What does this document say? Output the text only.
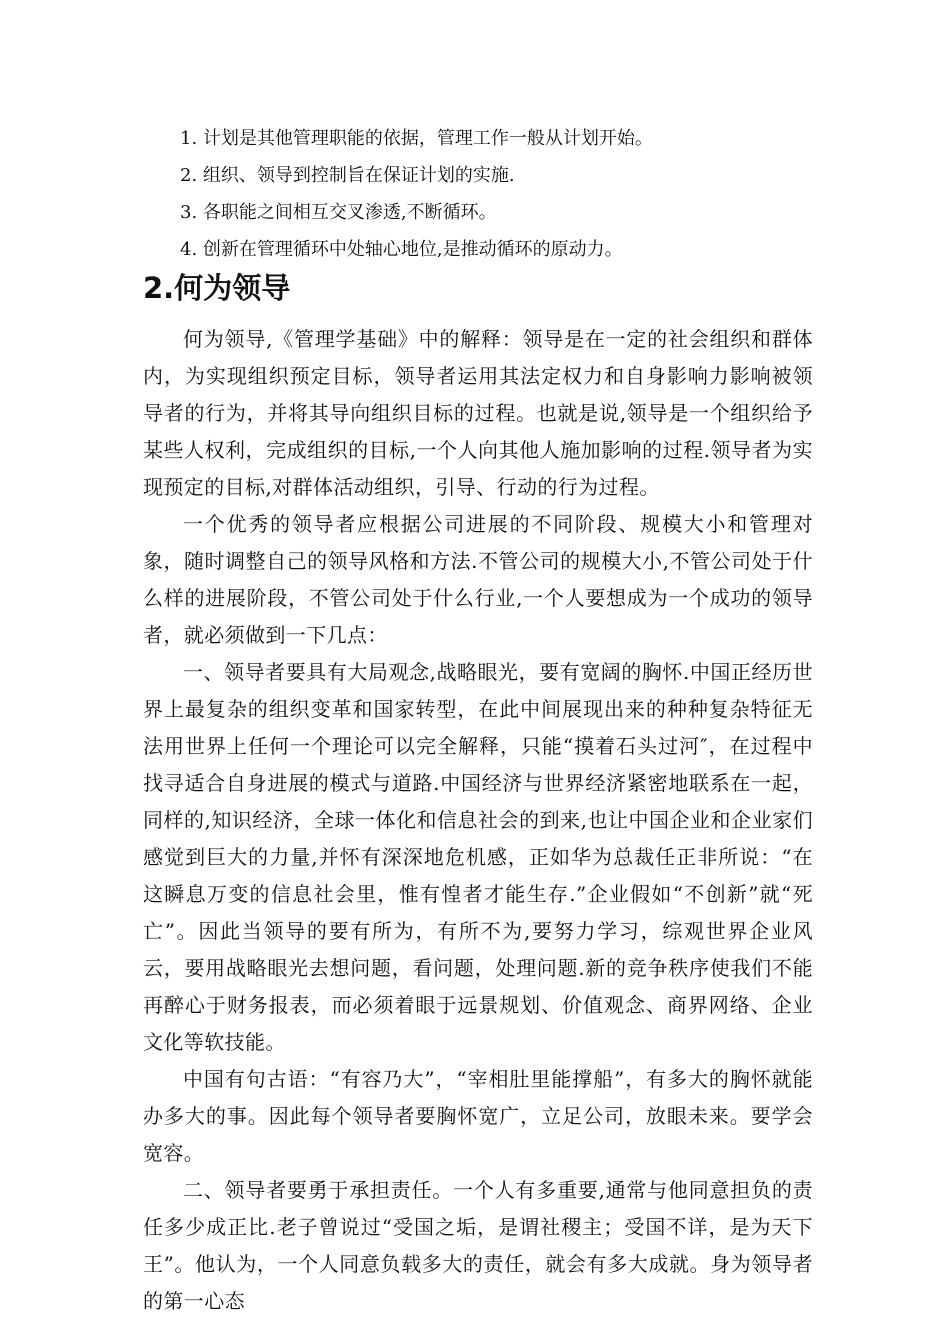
1. 计划是其他管理职能的依据，管理工作一般从计划开始。
2. 组织、领导到控制旨在保证计划的实施.
3. 各职能之间相互交叉渗透,不断循环。
4. 创新在管理循环中处轴心地位,是推动循环的原动力。
2.何为领导

何为领导,《管理学基础》中的解释：领导是在一定的社会组织和群体内，为实现组织预定目标，领导者运用其法定权力和自身影响力影响被领导者的行为，并将其导向组织目标的过程。也就是说,领导是一个组织给予某些人权利，完成组织的目标,一个人向其他人施加影响的过程.领导者为实现预定的目标,对群体活动组织，引导、行动的行为过程。

一个优秀的领导者应根据公司进展的不同阶段、规模大小和管理对象，随时调整自己的领导风格和方法.不管公司的规模大小,不管公司处于什么样的进展阶段，不管公司处于什么行业,一个人要想成为一个成功的领导者，就必须做到一下几点：

一、领导者要具有大局观念,战略眼光，要有宽阔的胸怀.中国正经历世界上最复杂的组织变革和国家转型，在此中间展现出来的种种复杂特征无法用世界上任何一个理论可以完全解释，只能“摸着石头过河″，在过程中找寻适合自身进展的模式与道路.中国经济与世界经济紧密地联系在一起，同样的,知识经济，全球一体化和信息社会的到来,也让中国企业和企业家们感觉到巨大的力量,并怀有深深地危机感，正如华为总裁任正非所说：“在这瞬息万变的信息社会里，惟有惶者才能生存.”企业假如“不创新”就“死亡”。因此当领导的要有所为，有所不为,要努力学习，综观世界企业风云，要用战略眼光去想问题，看问题，处理问题.新的竞争秩序使我们不能再醉心于财务报表，而必须着眼于远景规划、价值观念、商界网络、企业文化等软技能。

中国有句古语：“有容乃大”，“宰相肚里能撑船”，有多大的胸怀就能办多大的事。因此每个领导者要胸怀宽广，立足公司，放眼未来。要学会宽容。

二、领导者要勇于承担责任。一个人有多重要,通常与他同意担负的责任多少成正比.老子曾说过“受国之垢，是谓社稷主；受国不详，是为天下王”。他认为，一个人同意负载多大的责任，就会有多大成就。身为领导者的第一心态
